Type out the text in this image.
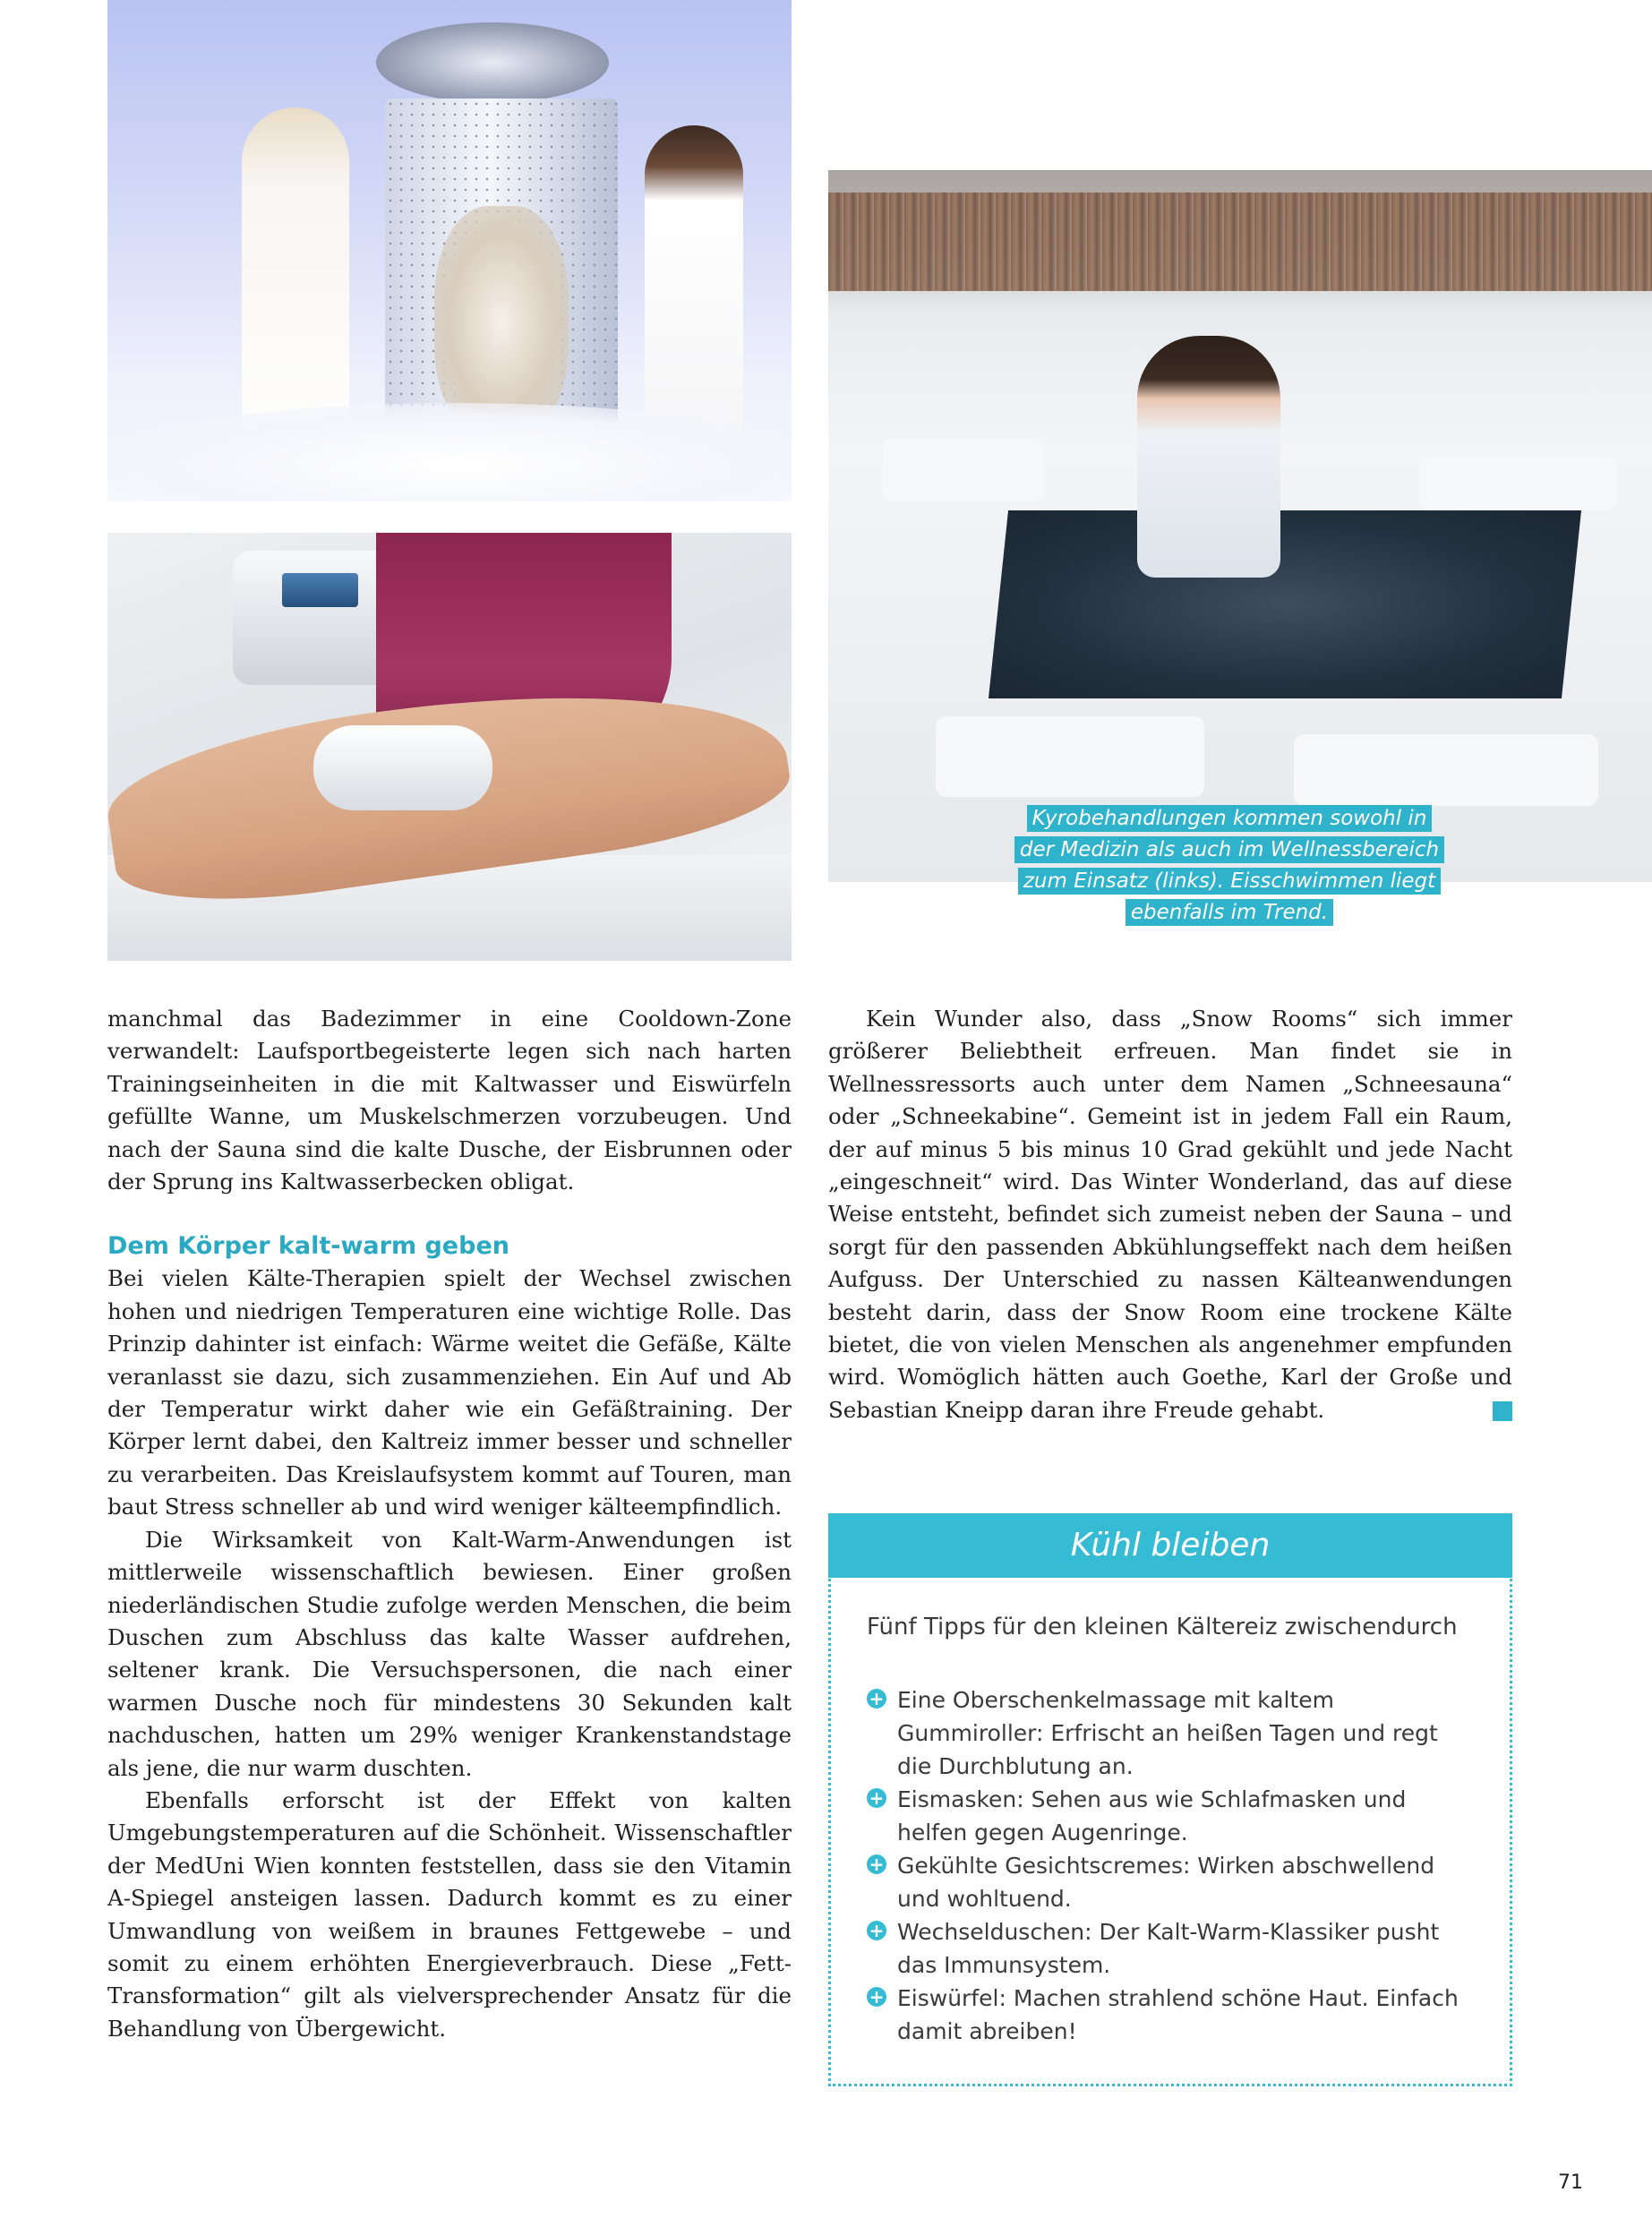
Kyrobehandlungen kommen sowohl in
der Medizin als auch im Wellnessbereich
zum Einsatz (links). Eisschwimmen liegt
ebenfalls im Trend.

manchmal das Badezimmer in eine Cooldown-Zone verwandelt: Laufsportbegeisterte legen sich nach harten Trainingseinheiten in die mit Kaltwasser und Eiswürfeln gefüllte Wanne, um Muskelschmerzen vorzubeugen. Und nach der Sauna sind die kalte Dusche, der Eisbrunnen oder der Sprung ins Kaltwasserbecken obligat.

Dem Körper kalt-warm geben

Bei vielen Kälte-Therapien spielt der Wechsel zwischen hohen und niedrigen Temperaturen eine wichtige Rolle. Das Prinzip dahinter ist einfach: Wärme weitet die Gefäße, Kälte veranlasst sie dazu, sich zusammenziehen. Ein Auf und Ab der Temperatur wirkt daher wie ein Gefäßtraining. Der Körper lernt dabei, den Kaltreiz immer besser und schneller zu verarbeiten. Das Kreislaufsystem kommt auf Touren, man baut Stress schneller ab und wird weniger kälteempfindlich.

Die Wirksamkeit von Kalt-Warm-Anwendungen ist mittlerweile wissenschaftlich bewiesen. Einer großen niederländischen Studie zufolge werden Menschen, die beim Duschen zum Abschluss das kalte Wasser aufdrehen, seltener krank. Die Versuchspersonen, die nach einer warmen Dusche noch für mindestens 30 Sekunden kalt nachduschen, hatten um 29% weniger Krankenstandstage als jene, die nur warm duschten.

Ebenfalls erforscht ist der Effekt von kalten Umgebungstemperaturen auf die Schönheit. Wissenschaftler der MedUni Wien konnten feststellen, dass sie den Vitamin A-Spiegel ansteigen lassen. Dadurch kommt es zu einer Umwandlung von weißem in braunes Fettgewebe – und somit zu einem erhöhten Energieverbrauch. Diese „Fett-Transformation“ gilt als vielversprechender Ansatz für die Behandlung von Übergewicht.

Kein Wunder also, dass „Snow Rooms“ sich immer größerer Beliebtheit erfreuen. Man findet sie in Wellnessressorts auch unter dem Namen „Schneesauna“ oder „Schneekabine“. Gemeint ist in jedem Fall ein Raum, der auf minus 5 bis minus 10 Grad gekühlt und jede Nacht „eingeschneit“ wird. Das Winter Wonderland, das auf diese Weise entsteht, befindet sich zumeist neben der Sauna – und sorgt für den passenden Abkühlungseffekt nach dem heißen Aufguss. Der Unterschied zu nassen Kälteanwendungen besteht darin, dass der Snow Room eine trockene Kälte bietet, die von vielen Menschen als angenehmer empfunden wird. Womöglich hätten auch Goethe, Karl der Große und Sebastian Kneipp daran ihre Freude gehabt.

Kühl bleiben
Fünf Tipps für den kleinen Kältereiz zwischendurch
+ Eine Oberschenkelmassage mit kaltem Gummiroller: Erfrischt an heißen Tagen und regt die Durchblutung an.
+ Eismasken: Sehen aus wie Schlafmasken und helfen gegen Augenringe.
+ Gekühlte Gesichtscremes: Wirken abschwellend und wohltuend.
+ Wechselduschen: Der Kalt-Warm-Klassiker pusht das Immunsystem.
+ Eiswürfel: Machen strahlend schöne Haut. Einfach damit abreiben!
71
